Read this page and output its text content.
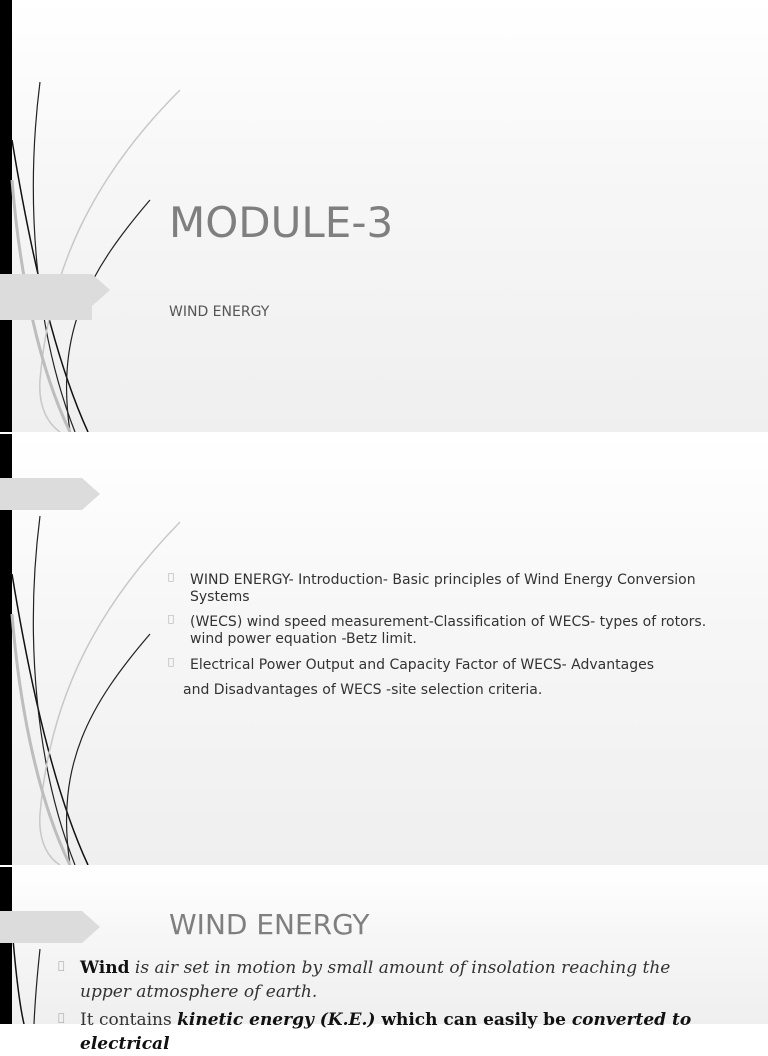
MODULE-3
WIND ENERGY
WIND ENERGY- Introduction- Basic principles of Wind Energy Conversion Systems
(WECS) wind speed measurement-Classification of WECS- types of rotors. wind power equation -Betz limit.
Electrical Power Output and Capacity Factor of WECS- Advantages
and Disadvantages of WECS -site selection criteria.
WIND ENERGY
Wind is air set in motion by small amount of insolation reaching the upper atmosphere of earth.
It contains kinetic energy (K.E.) which can easily be converted to electrical
